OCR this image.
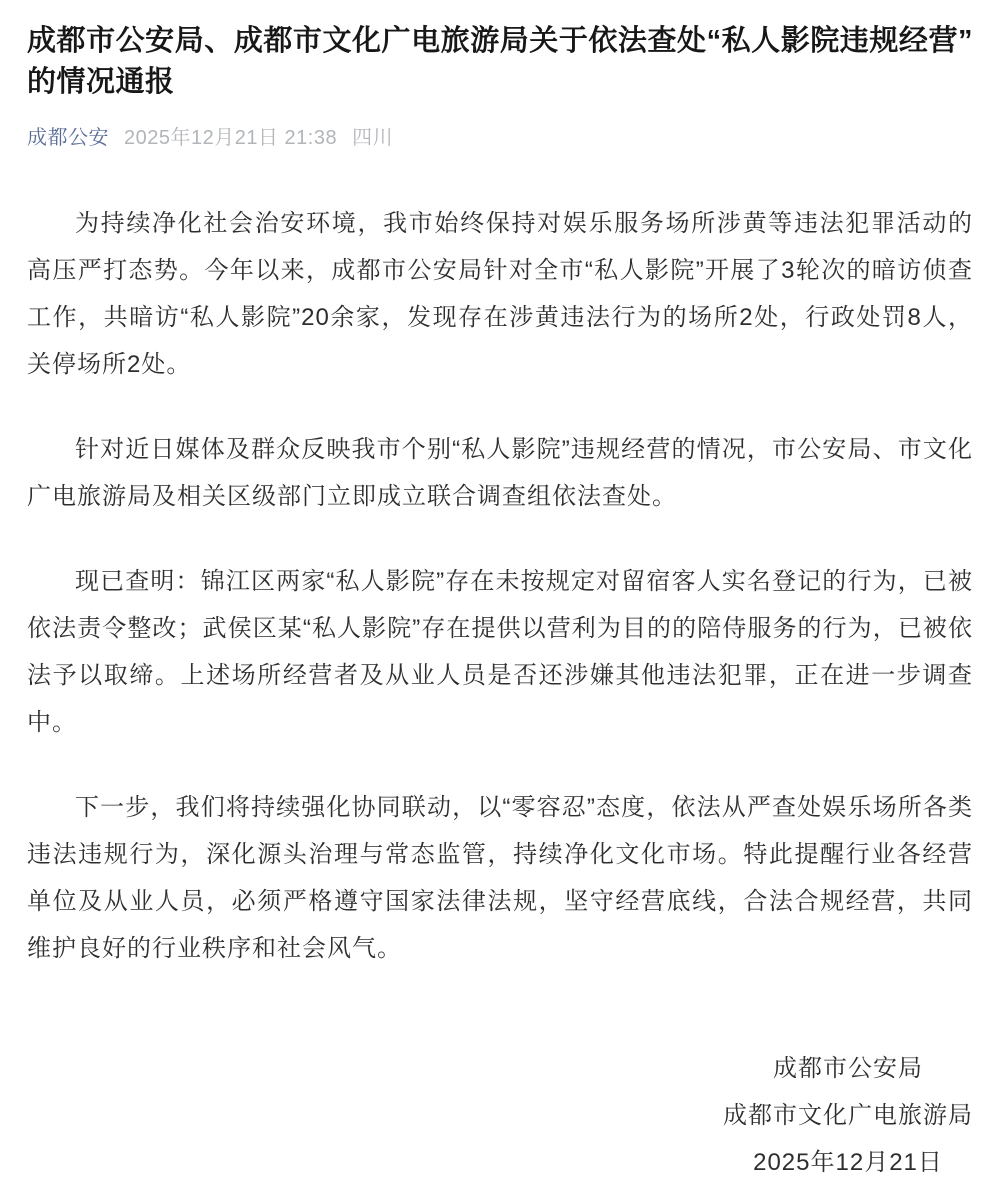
成都市公安局、成都市文化广电旅游局关于依法查处“私人影院违规经营”的情况通报
成都公安 2025年12月21日 21:38 四川

为持续净化社会治安环境，我市始终保持对娱乐服务场所涉黄等违法犯罪活动的高压严打态势。今年以来，成都市公安局针对全市“私人影院”开展了3轮次的暗访侦查工作，共暗访“私人影院”20余家，发现存在涉黄违法行为的场所2处，行政处罚8人，关停场所2处。

针对近日媒体及群众反映我市个别“私人影院”违规经营的情况，市公安局、市文化广电旅游局及相关区级部门立即成立联合调查组依法查处。

现已查明：锦江区两家“私人影院”存在未按规定对留宿客人实名登记的行为，已被依法责令整改；武侯区某“私人影院”存在提供以营利为目的的陪侍服务的行为，已被依法予以取缔。上述场所经营者及从业人员是否还涉嫌其他违法犯罪，正在进一步调查中。

下一步，我们将持续强化协同联动，以“零容忍”态度，依法从严查处娱乐场所各类违法违规行为，深化源头治理与常态监管，持续净化文化市场。特此提醒行业各经营单位及从业人员，必须严格遵守国家法律法规，坚守经营底线，合法合规经营，共同维护良好的行业秩序和社会风气。

成都市公安局
成都市文化广电旅游局
2025年12月21日
